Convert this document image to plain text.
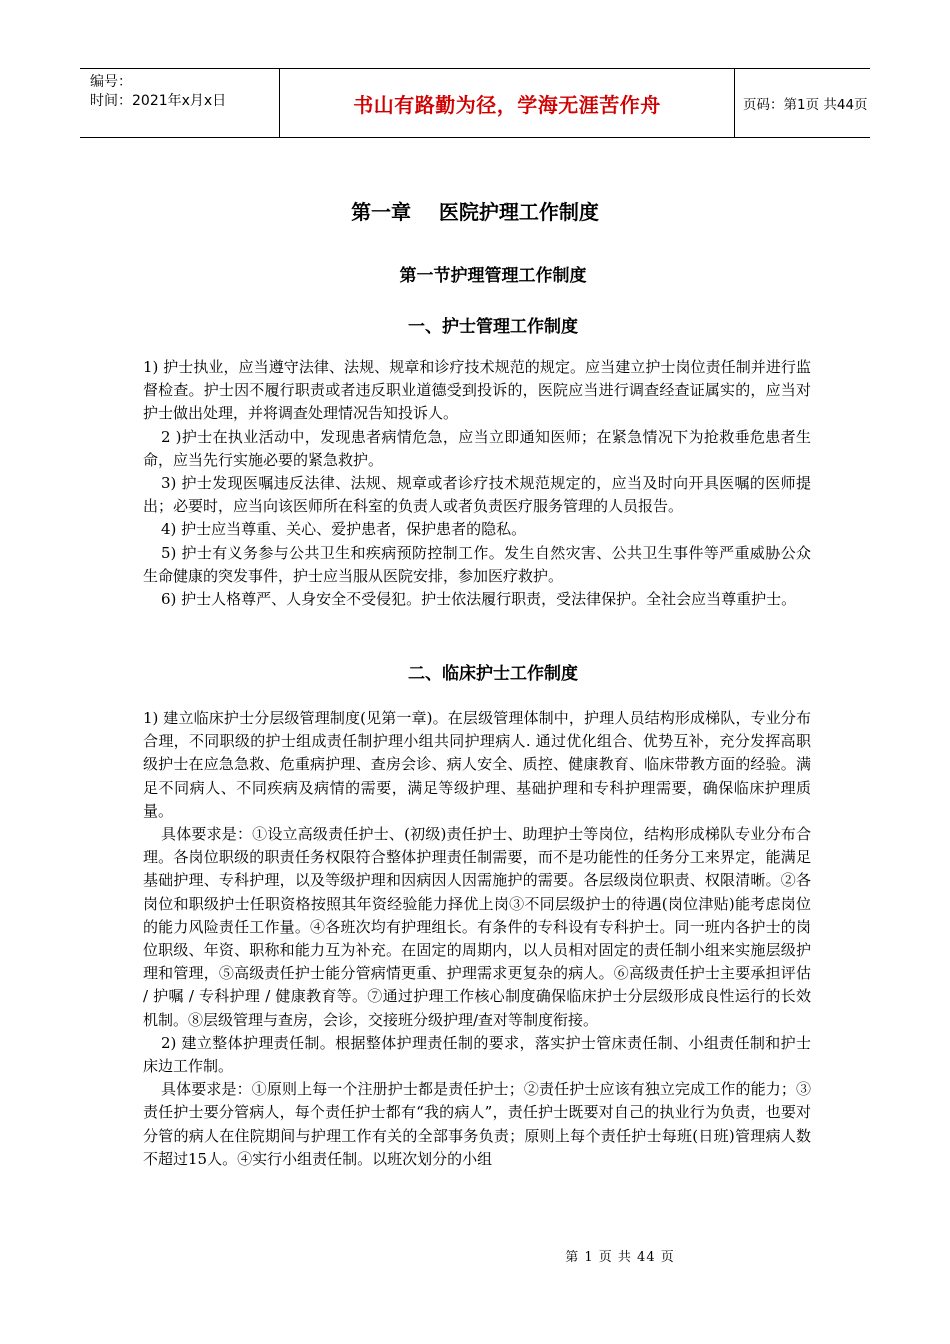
编号：
时间：2021年x月x日	书山有路勤为径，学海无涯苦作舟	页码：第1页 共44页
第一章    医院护理工作制度
第一节护理管理工作制度
一、护士管理工作制度

1) 护士执业，应当遵守法律、法规、规章和诊疗技术规范的规定。应当建立护士岗位责任制并进行监督检查。护士因不履行职责或者违反职业道德受到投诉的，医院应当进行调查经查证属实的，应当对护士做出处理，并将调查处理情况告知投诉人。

2 )护士在执业活动中，发现患者病情危急，应当立即通知医师；在紧急情况下为抢救垂危患者生命，应当先行实施必要的紧急救护。

3) 护士发现医嘱违反法律、法规、规章或者诊疗技术规范规定的，应当及时向开具医嘱的医师提出；必要时，应当向该医师所在科室的负责人或者负责医疗服务管理的人员报告。

4) 护士应当尊重、关心、爱护患者，保护患者的隐私。

5) 护士有义务参与公共卫生和疾病预防控制工作。发生自然灾害、公共卫生事件等严重威胁公众生命健康的突发事件，护士应当服从医院安排，参加医疗救护。

6) 护士人格尊严、人身安全不受侵犯。护士依法履行职责，受法律保护。全社会应当尊重护士。

二、临床护士工作制度

1) 建立临床护士分层级管理制度(见第一章)。在层级管理体制中，护理人员结构形成梯队，专业分布合理，不同职级的护士组成责任制护理小组共同护理病人. 通过优化组合、优势互补，充分发挥高职级护士在应急急救、危重病护理、查房会诊、病人安全、质控、健康教育、临床带教方面的经验。满足不同病人、不同疾病及病情的需要，满足等级护理、基础护理和专科护理需要，确保临床护理质量。

具体要求是：①设立高级责任护士、(初级)责任护士、助理护士等岗位，结构形成梯队专业分布合理。各岗位职级的职责任务权限符合整体护理责任制需要，而不是功能性的任务分工来界定，能满足基础护理、专科护理，以及等级护理和因病因人因需施护的需要。各层级岗位职责、权限清晰。②各岗位和职级护士任职资格按照其年资经验能力择优上岗③不同层级护士的待遇(岗位津贴)能考虑岗位的能力风险责任工作量。④各班次均有护理组长。有条件的专科设有专科护士。同一班内各护士的岗位职级、年资、职称和能力互为补充。在固定的周期内，以人员相对固定的责任制小组来实施层级护理和管理，⑤高级责任护士能分管病情更重、护理需求更复杂的病人。⑥高级责任护士主要承担评估 / 护嘱 / 专科护理 / 健康教育等。⑦通过护理工作核心制度确保临床护士分层级形成良性运行的长效机制。⑧层级管理与查房，会诊，交接班分级护理/查对等制度衔接。

2) 建立整体护理责任制。根据整体护理责任制的要求，落实护士管床责任制、小组责任制和护士床边工作制。

具体要求是：①原则上每一个注册护士都是责任护士；②责任护士应该有独立完成工作的能力；③责任护士要分管病人，每个责任护士都有“我的病人”，责任护士既要对自己的执业行为负责，也要对分管的病人在住院期间与护理工作有关的全部事务负责；原则上每个责任护士每班(日班)管理病人数不超过15人。④实行小组责任制。以班次划分的小组

第 1 页 共 44 页
